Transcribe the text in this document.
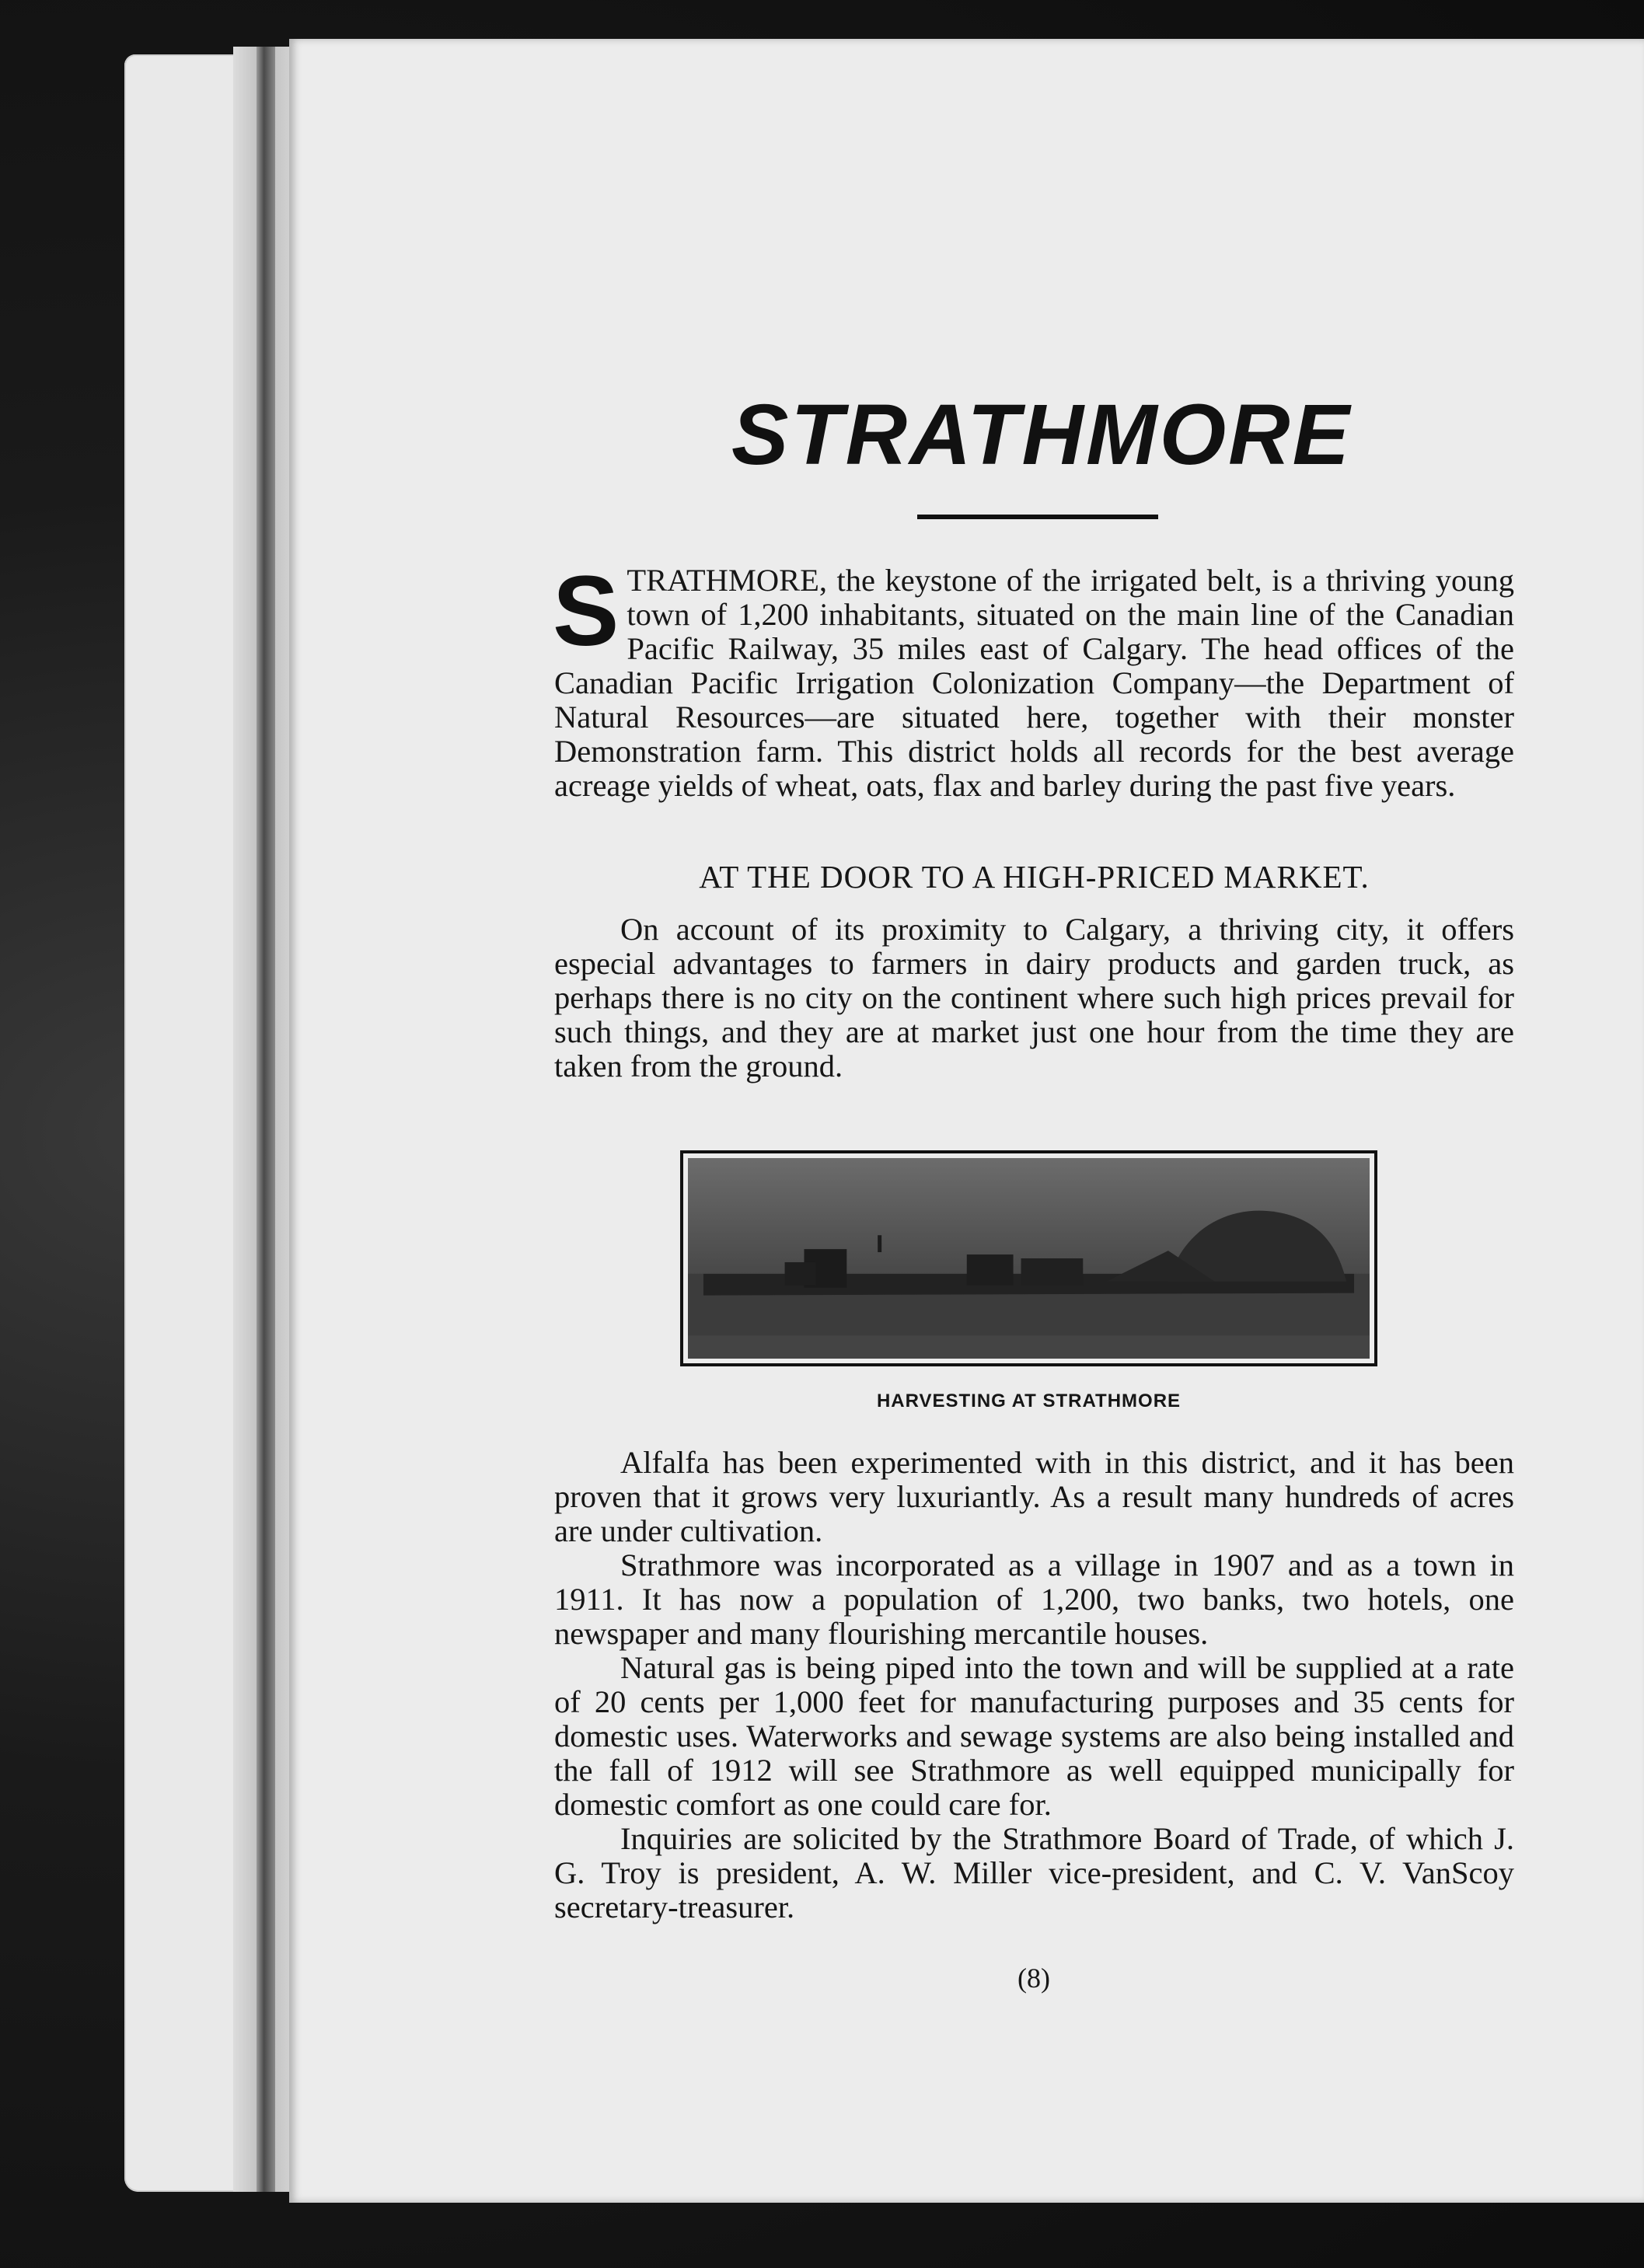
STRATHMORE

S TRATHMORE, the keystone of the irrigated belt, is a thriving young town of 1,200 inhabitants, situated on the main line of the Canadian Pacific Railway, 35 miles east of Calgary. The head offices of the Canadian Pacific Irrigation Colonization Company—the Department of Natural Resources—are situated here, together with their monster Demonstration farm. This district holds all records for the best average acreage yields of wheat, oats, flax and barley during the past five years.

AT THE DOOR TO A HIGH-PRICED MARKET.

On account of its proximity to Calgary, a thriving city, it offers especial advantages to farmers in dairy products and garden truck, as perhaps there is no city on the continent where such high prices prevail for such things, and they are at market just one hour from the time they are taken from the ground.

HARVESTING AT STRATHMORE

Alfalfa has been experimented with in this district, and it has been proven that it grows very luxuriantly. As a result many hundreds of acres are under cultivation.

Strathmore was incorporated as a village in 1907 and as a town in 1911. It has now a population of 1,200, two banks, two hotels, one newspaper and many flourishing mercantile houses.

Natural gas is being piped into the town and will be supplied at a rate of 20 cents per 1,000 feet for manufacturing purposes and 35 cents for domestic uses. Waterworks and sewage systems are also being installed and the fall of 1912 will see Strathmore as well equipped municipally for domestic comfort as one could care for.

Inquiries are solicited by the Strathmore Board of Trade, of which J. G. Troy is president, A. W. Miller vice-president, and C. V. VanScoy secretary-treasurer.

(8)
